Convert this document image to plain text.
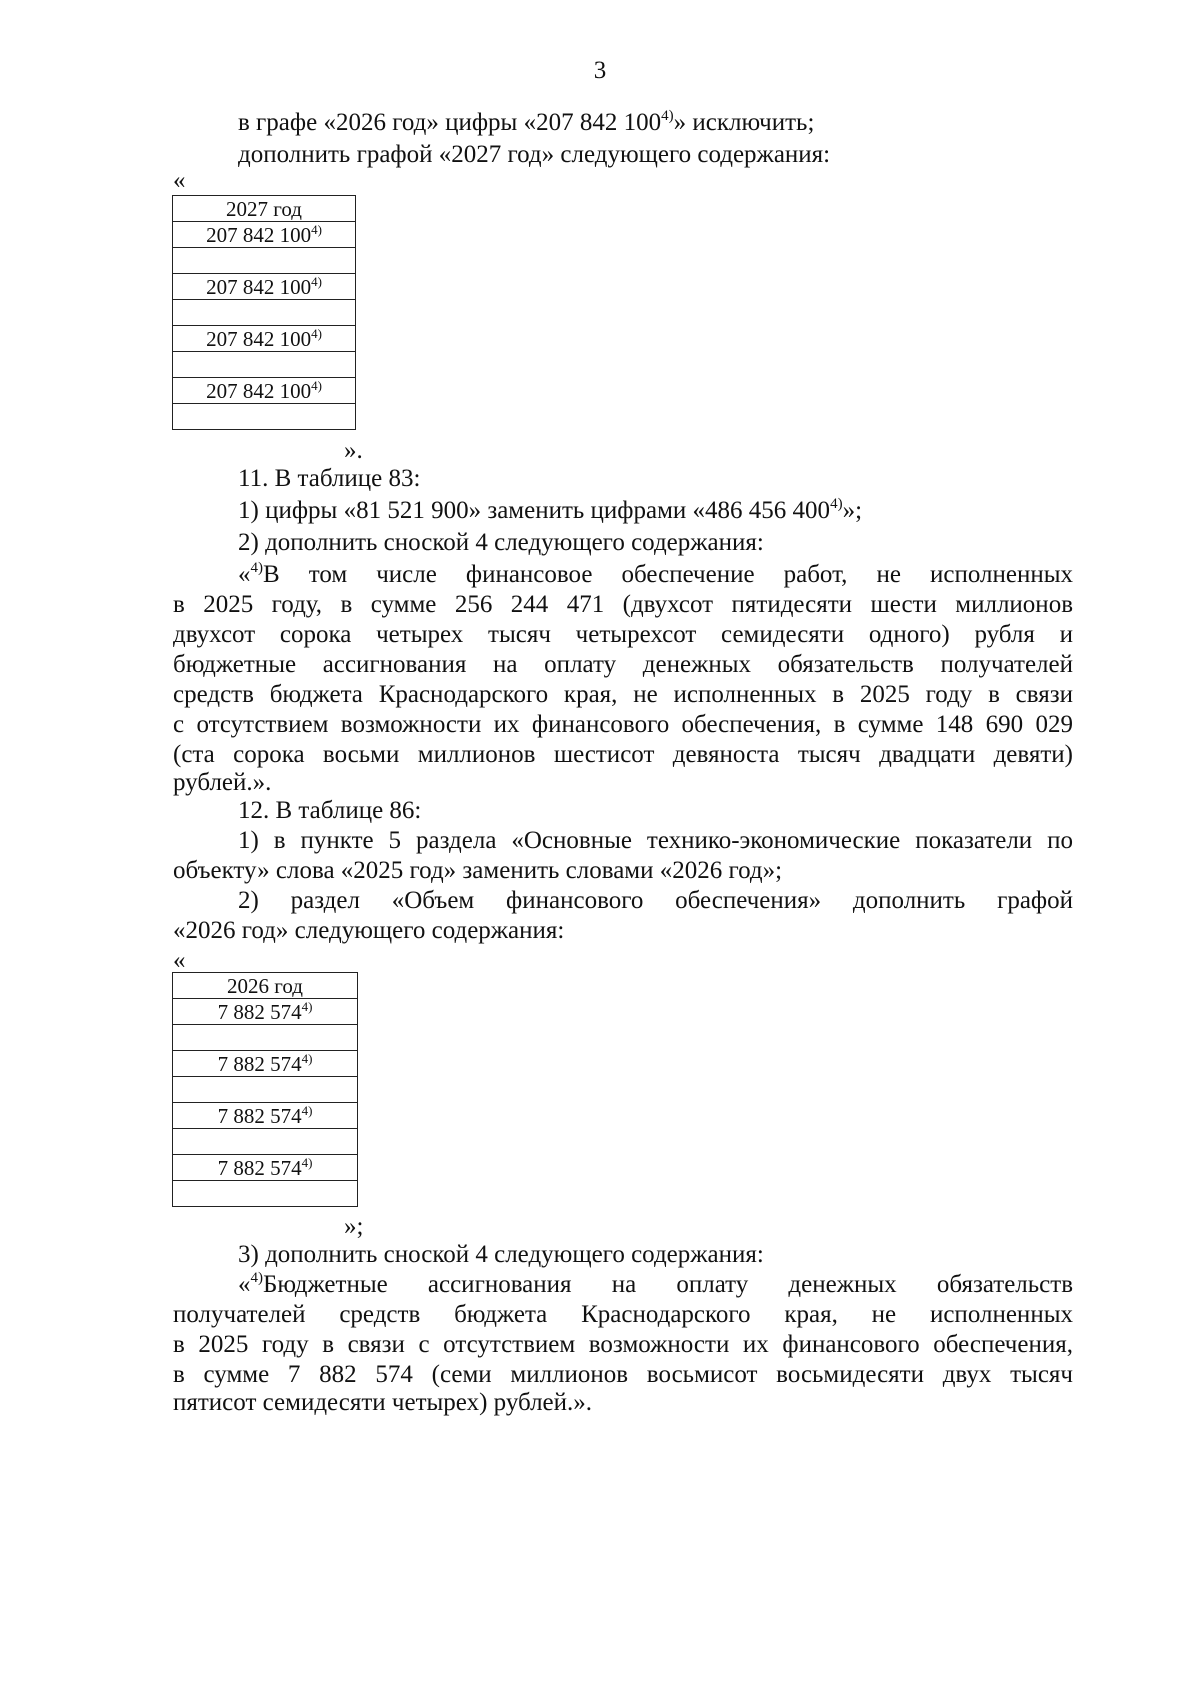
3
в графе «2026 год» цифры «207 842 100$^{4)}$» исключить;
дополнить графой «2027 год» следующего содержания:
«
2027 год
207 842 100$^{4)}$

207 842 100$^{4)}$

207 842 100$^{4)}$

207 842 100$^{4)}$

».
11. В таблице 83:
1) цифры «81 521 900» заменить цифрами «486 456 400$^{4)}$»;
2) дополнить сноской 4 следующего содержания:
«$^{4)}$В том числе финансовое обеспечение работ, не исполненных
в 2025 году, в сумме 256 244 471 (двухсот пятидесяти шести миллионов
двухсот сорока четырех тысяч четырехсот семидесяти одного) рубля и
бюджетные ассигнования на оплату денежных обязательств получателей
средств бюджета Краснодарского края, не исполненных в 2025 году в связи
с отсутствием возможности их финансового обеспечения, в сумме 148 690 029
(ста сорока восьми миллионов шестисот девяноста тысяч двадцати девяти)
рублей.».
12. В таблице 86:
1) в пункте 5 раздела «Основные технико-экономические показатели по
объекту» слова «2025 год» заменить словами «2026 год»;
2) раздел «Объем финансового обеспечения» дополнить графой
«2026 год» следующего содержания:
«
2026 год
7 882 574$^{4)}$

7 882 574$^{4)}$

7 882 574$^{4)}$

7 882 574$^{4)}$

»;
3) дополнить сноской 4 следующего содержания:
«$^{4)}$Бюджетные ассигнования на оплату денежных обязательств
получателей средств бюджета Краснодарского края, не исполненных
в 2025 году в связи с отсутствием возможности их финансового обеспечения,
в сумме 7 882 574 (семи миллионов восьмисот восьмидесяти двух тысяч
пятисот семидесяти четырех) рублей.».
